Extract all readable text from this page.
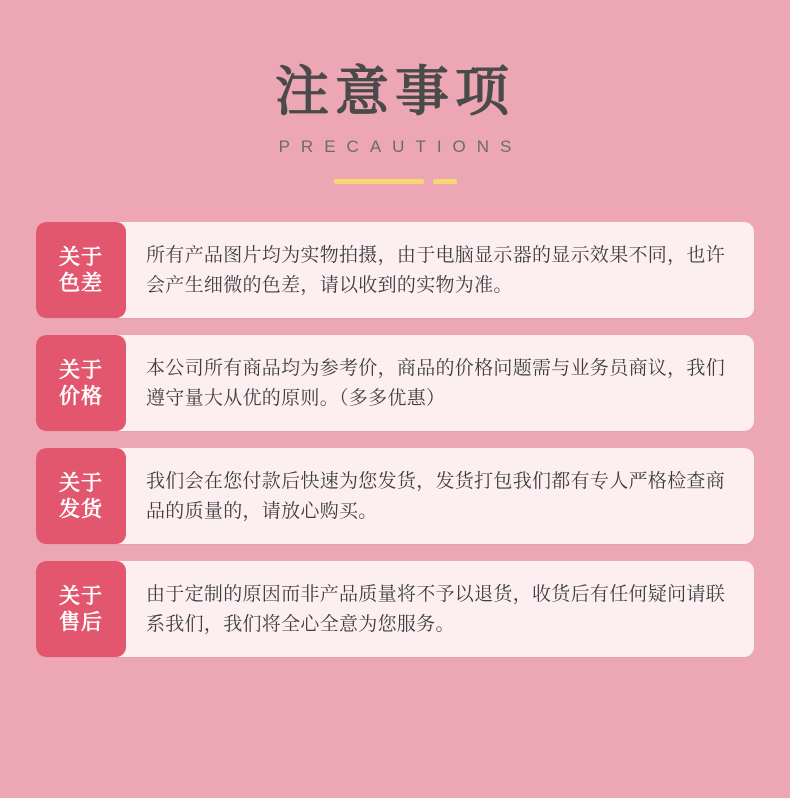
注意事项
PRECAUTIONS
关于
色差
所有产品图片均为实物拍摄，由于电脑显示器的显示效果不同，也许会产生细微的色差，请以收到的实物为准。
关于
价格
本公司所有商品均为参考价，商品的价格问题需与业务员商议，我们遵守量大从优的原则。（多多优惠）
关于
发货
我们会在您付款后快速为您发货，发货打包我们都有专人严格检查商品的质量的，请放心购买。
关于
售后
由于定制的原因而非产品质量将不予以退货，收货后有任何疑问请联系我们，我们将全心全意为您服务。
